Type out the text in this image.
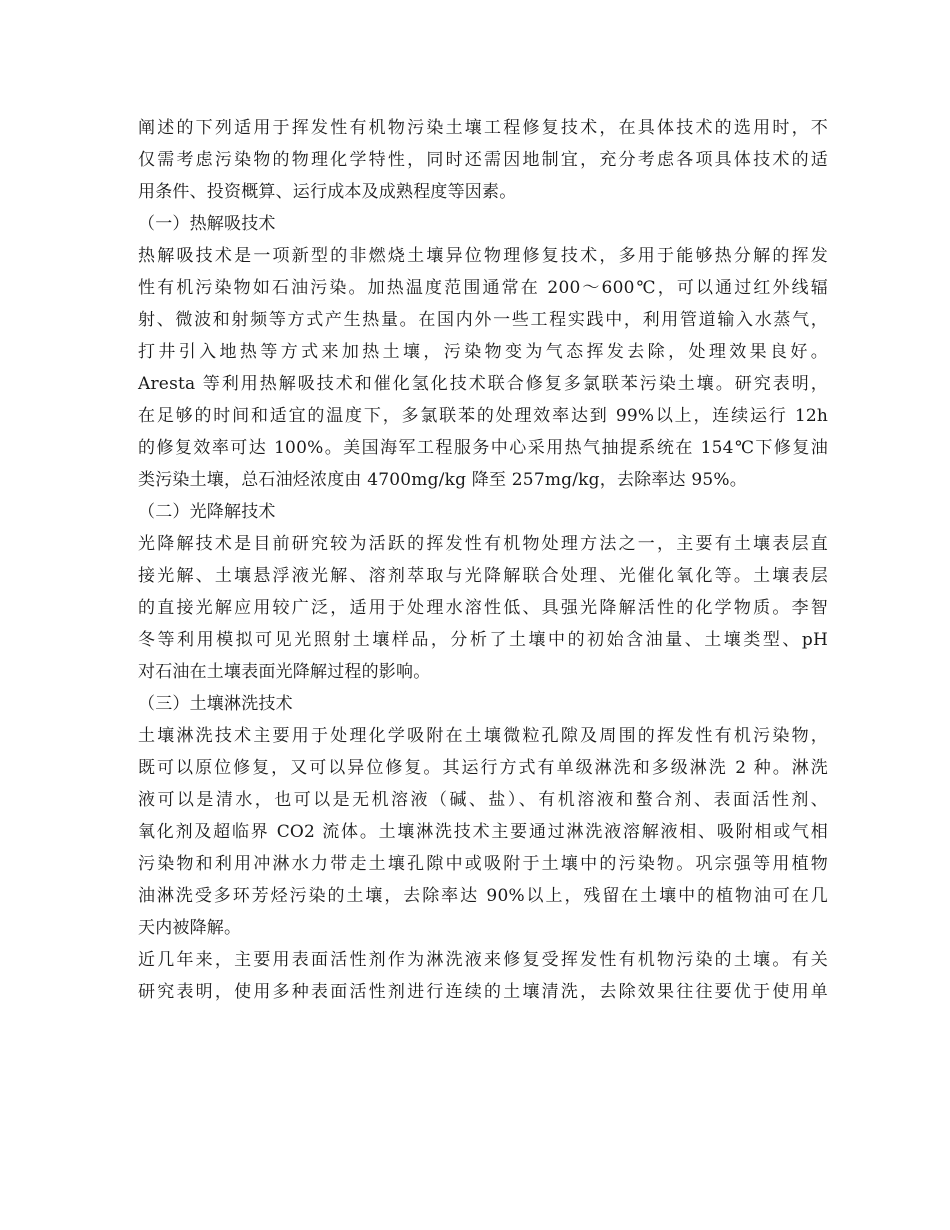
阐述的下列适用于挥发性有机物污染土壤工程修复技术，在具体技术的选用时，不
仅需考虑污染物的物理化学特性，同时还需因地制宜，充分考虑各项具体技术的适
用条件、投资概算、运行成本及成熟程度等因素。
（一）热解吸技术
热解吸技术是一项新型的非燃烧土壤异位物理修复技术，多用于能够热分解的挥发
性有机污染物如石油污染。加热温度范围通常在 200～600℃，可以通过红外线辐
射、微波和射频等方式产生热量。在国内外一些工程实践中，利用管道输入水蒸气，
打井引入地热等方式来加热土壤，污染物变为气态挥发去除，处理效果良好。
Aresta 等利用热解吸技术和催化氢化技术联合修复多氯联苯污染土壤。研究表明，
在足够的时间和适宜的温度下，多氯联苯的处理效率达到 99%以上，连续运行 12h
的修复效率可达 100%。美国海军工程服务中心采用热气抽提系统在 154℃下修复油
类污染土壤，总石油烃浓度由 4700mg/kg 降至 257mg/kg，去除率达 95%。
（二）光降解技术
光降解技术是目前研究较为活跃的挥发性有机物处理方法之一，主要有土壤表层直
接光解、土壤悬浮液光解、溶剂萃取与光降解联合处理、光催化氧化等。土壤表层
的直接光解应用较广泛，适用于处理水溶性低、具强光降解活性的化学物质。李智
冬等利用模拟可见光照射土壤样品，分析了土壤中的初始含油量、土壤类型、pH
对石油在土壤表面光降解过程的影响。
（三）土壤淋洗技术
土壤淋洗技术主要用于处理化学吸附在土壤微粒孔隙及周围的挥发性有机污染物，
既可以原位修复，又可以异位修复。其运行方式有单级淋洗和多级淋洗 2 种。淋洗
液可以是清水，也可以是无机溶液（碱、盐）、有机溶液和螯合剂、表面活性剂、
氧化剂及超临界 CO2 流体。土壤淋洗技术主要通过淋洗液溶解液相、吸附相或气相
污染物和利用冲淋水力带走土壤孔隙中或吸附于土壤中的污染物。巩宗强等用植物
油淋洗受多环芳烃污染的土壤，去除率达 90%以上，残留在土壤中的植物油可在几
天内被降解。
近几年来，主要用表面活性剂作为淋洗液来修复受挥发性有机物污染的土壤。有关
研究表明，使用多种表面活性剂进行连续的土壤清洗，去除效果往往要优于使用单
